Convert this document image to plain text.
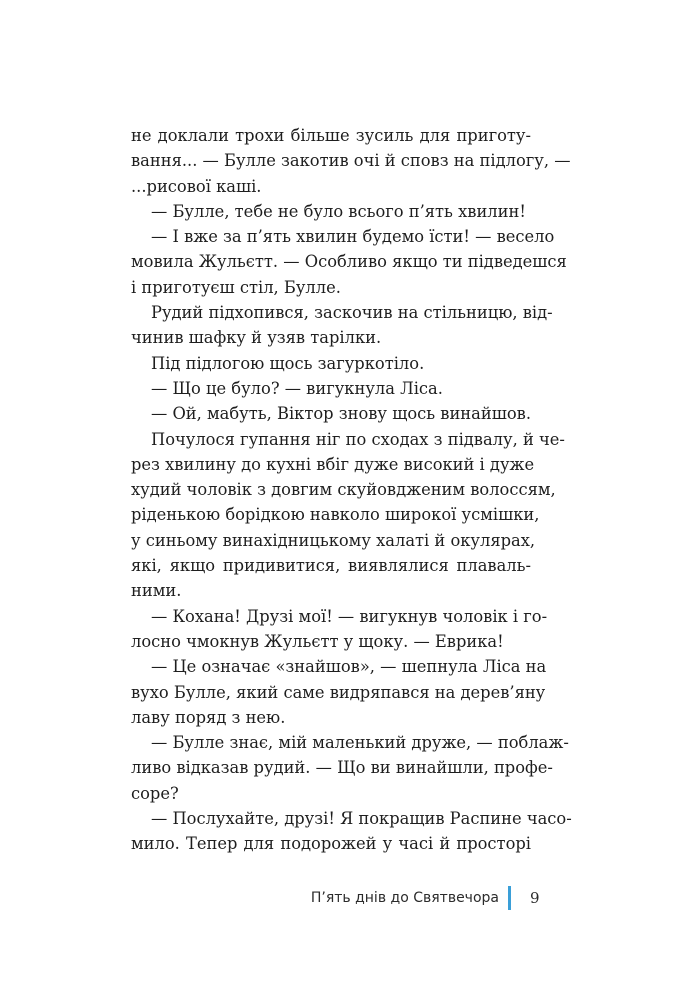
не доклали трохи більше зусиль для приготу-
вання... — Булле закотив очі й сповз на підлогу, —
...рисової каші.
— Булле, тебе не було всього п’ять хвилин!
— І вже за п’ять хвилин будемо їсти! — весело
мовила Жульєтт. — Особливо якщо ти підведешся
і приготуєш стіл, Булле.
Рудий підхопився, заскочив на стільницю, від-
чинив шафку й узяв тарілки.
Під підлогою щось загуркотіло.
— Що це було? — вигукнула Ліса.
— Ой, мабуть, Віктор знову щось винайшов.
Почулося гупання ніг по сходах з підвалу, й че-
рез хвилину до кухні вбіг дуже високий і дуже
худий чоловік з довгим скуйовдженим волоссям,
ріденькою борідкою навколо широкої усмішки,
у синьому винахідницькому халаті й окулярах,
які, якщо придивитися, виявлялися плаваль-
ними.
— Кохана! Друзі мої! — вигукнув чоловік і го-
лосно чмокнув Жульєтт у щоку. — Еврика!
— Це означає «знайшов», — шепнула Ліса на
вухо Булле, який саме видряпався на дерев’яну
лаву поряд з нею.
— Булле знає, мій маленький друже, — поблаж-
ливо відказав рудий. — Що ви винайшли, профе-
соре?
— Послухайте, друзі! Я покращив Распине часо-
мило. Тепер для подорожей у часі й просторі
П’ять днів до Святвечора 9
